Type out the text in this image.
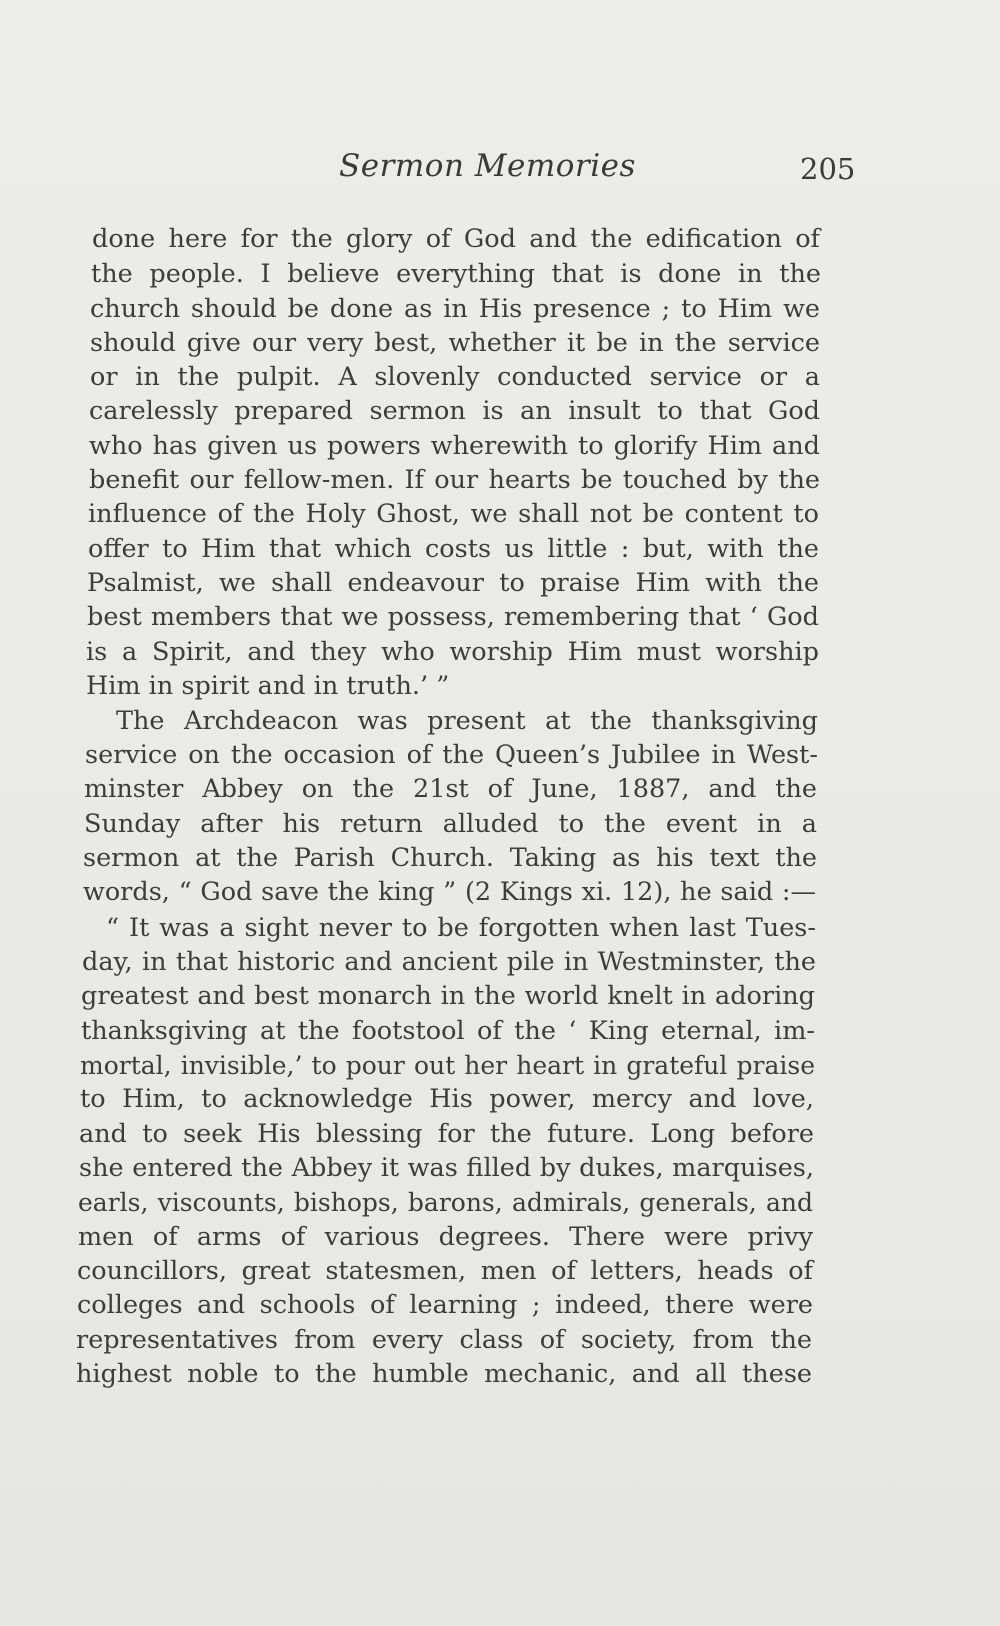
Sermon Memories	205
done here for the glory of God and the edification of
the people. I believe everything that is done in the
church should be done as in His presence ; to Him we
should give our very best, whether it be in the service
or in the pulpit. A slovenly conducted service or a
carelessly prepared sermon is an insult to that God
who has given us powers wherewith to glorify Him and
benefit our fellow-men. If our hearts be touched by the
influence of the Holy Ghost, we shall not be content to
offer to Him that which costs us little : but, with the
Psalmist, we shall endeavour to praise Him with the
best members that we possess, remembering that ‘ God
is a Spirit, and they who worship Him must worship
Him in spirit and in truth.’ ”
The Archdeacon was present at the thanksgiving
service on the occasion of the Queen’s Jubilee in West-
minster Abbey on the 21st of June, 1887, and the
Sunday after his return alluded to the event in a
sermon at the Parish Church. Taking as his text the
words, “ God save the king ” (2 Kings xi. 12), he said :—
“ It was a sight never to be forgotten when last Tues-
day, in that historic and ancient pile in Westminster, the
greatest and best monarch in the world knelt in adoring
thanksgiving at the footstool of the ‘ King eternal, im-
mortal, invisible,’ to pour out her heart in grateful praise
to Him, to acknowledge His power, mercy and love,
and to seek His blessing for the future. Long before
she entered the Abbey it was filled by dukes, marquises,
earls, viscounts, bishops, barons, admirals, generals, and
men of arms of various degrees. There were privy
councillors, great statesmen, men of letters, heads of
colleges and schools of learning ; indeed, there were
representatives from every class of society, from the
highest noble to the humble mechanic, and all these
